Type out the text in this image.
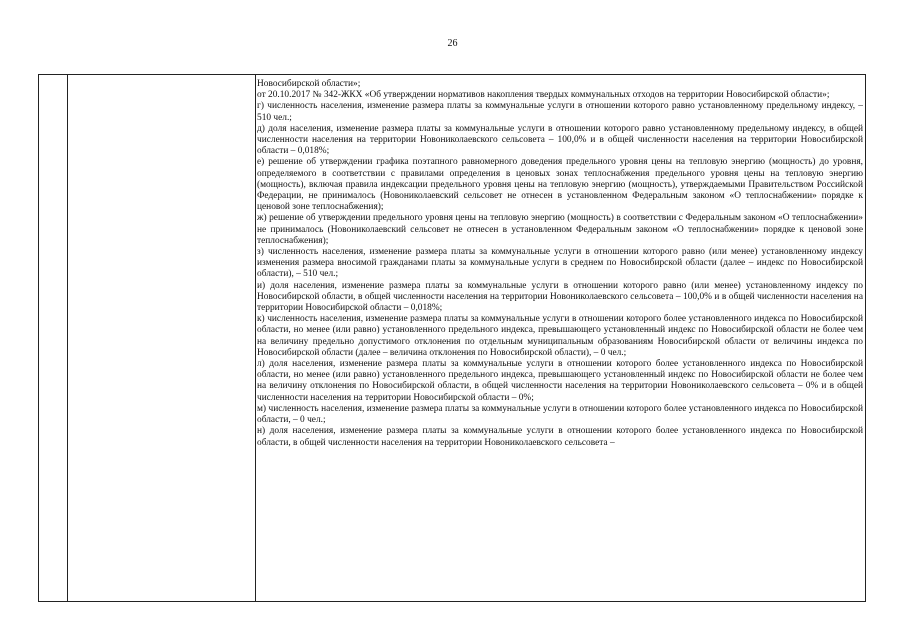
26

Новосибирской области»;

от 20.10.2017 № 342-ЖКХ «Об утверждении нормативов накопления твердых коммунальных отходов на территории Новосибирской области»;

г) численность населения, изменение размера платы за коммунальные услуги в отношении которого равно установленному предельному индексу, – 510 чел.;

д) доля населения, изменение размера платы за коммунальные услуги в отношении которого равно установленному предельному индексу, в общей численности населения на территории Новониколаевского сельсовета – 100,0% и в общей численности населения на территории Новосибирской области – 0,018%;

е) решение об утверждении графика поэтапного равномерного доведения предельного уровня цены на тепловую энергию (мощность) до уровня, определяемого в соответствии с правилами определения в ценовых зонах теплоснабжения предельного уровня цены на тепловую энергию (мощность), включая правила индексации предельного уровня цены на тепловую энергию (мощность), утверждаемыми Правительством Российской Федерации, не принималось (Новониколаевский сельсовет не отнесен в установленном Федеральным законом «О теплоснабжении» порядке к ценовой зоне теплоснабжения);

ж) решение об утверждении предельного уровня цены на тепловую энергию (мощность) в соответствии с Федеральным законом «О теплоснабжении» не принималось (Новониколаевский сельсовет не отнесен в установленном Федеральным законом «О теплоснабжении» порядке к ценовой зоне теплоснабжения);

з) численность населения, изменение размера платы за коммунальные услуги в отношении которого равно (или менее) установленному индексу изменения размера вносимой гражданами платы за коммунальные услуги в среднем по Новосибирской области (далее – индекс по Новосибирской области), – 510 чел.;

и) доля населения, изменение размера платы за коммунальные услуги в отношении которого равно (или менее) установленному индексу по Новосибирской области, в общей численности населения на территории Новониколаевского сельсовета – 100,0% и в общей численности населения на территории Новосибирской области – 0,018%;

к) численность населения, изменение размера платы за коммунальные услуги в отношении которого более установленного индекса по Новосибирской области, но менее (или равно) установленного предельного индекса, превышающего установленный индекс по Новосибирской области не более чем на величину предельно допустимого отклонения по отдельным муниципальным образованиям Новосибирской области от величины индекса по Новосибирской области (далее – величина отклонения по Новосибирской области), – 0 чел.;

л) доля населения, изменение размера платы за коммунальные услуги в отношении которого более установленного индекса по Новосибирской области, но менее (или равно) установленного предельного индекса, превышающего установленный индекс по Новосибирской области не более чем на величину отклонения по Новосибирской области, в общей численности населения на территории Новониколаевского сельсовета – 0% и в общей численности населения на территории Новосибирской области – 0%;

м) численность населения, изменение размера платы за коммунальные услуги в отношении которого более установленного индекса по Новосибирской области, – 0 чел.;

н) доля населения, изменение размера платы за коммунальные услуги в отношении которого более установленного индекса по Новосибирской области, в общей численности населения на территории Новониколаевского сельсовета –
